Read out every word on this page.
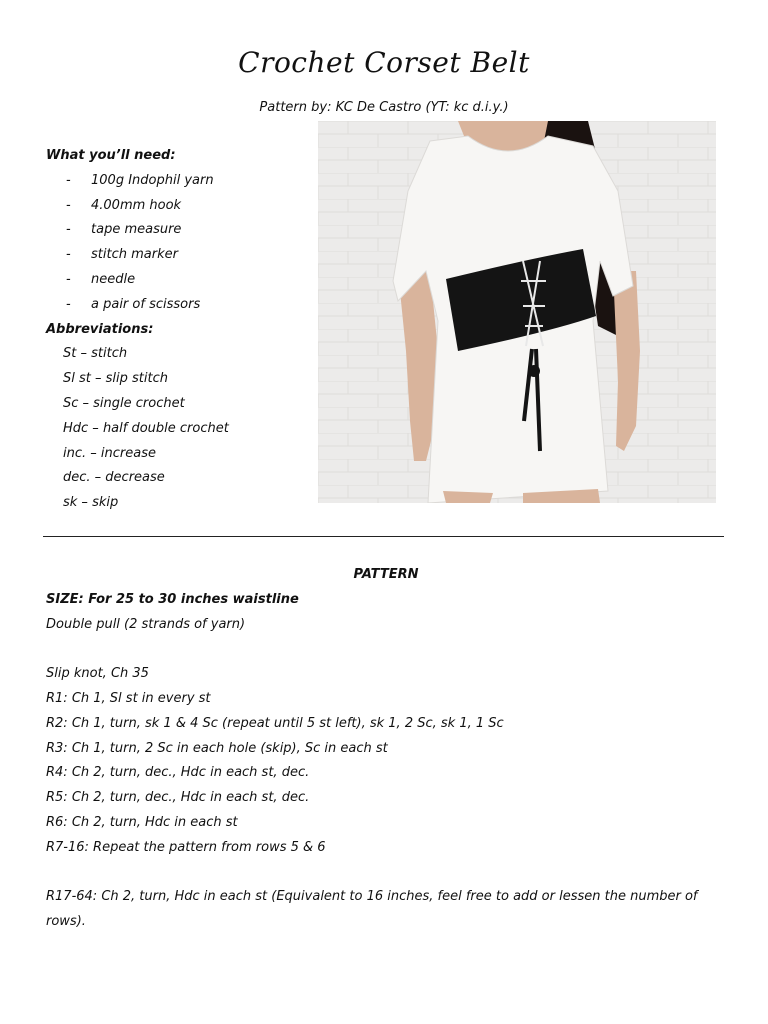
Crochet Corset Belt
Pattern by: KC De Castro (YT: kc d.i.y.)
What you’ll need:
- 100g Indophil yarn
- 4.00mm hook
- tape measure
- stitch marker
- needle
- a pair of scissors
Abbreviations:
St – stitch
Sl st – slip stitch
Sc – single crochet
Hdc – half double crochet
inc. – increase
dec. – decrease
sk – skip
PATTERN
SIZE: For 25 to 30 inches waistline
Double pull (2 strands of yarn)
Slip knot, Ch 35
R1: Ch 1, Sl st in every st
R2: Ch 1, turn, sk 1 & 4 Sc (repeat until 5 st left), sk 1, 2 Sc, sk 1, 1 Sc
R3: Ch 1, turn, 2 Sc in each hole (skip), Sc in each st
R4: Ch 2, turn, dec., Hdc in each st, dec.
R5: Ch 2, turn, dec., Hdc in each st, dec.
R6: Ch 2, turn, Hdc in each st
R7-16: Repeat the pattern from rows 5 & 6
R17-64: Ch 2, turn, Hdc in each st (Equivalent to 16 inches, feel free to add or lessen the number of rows).
